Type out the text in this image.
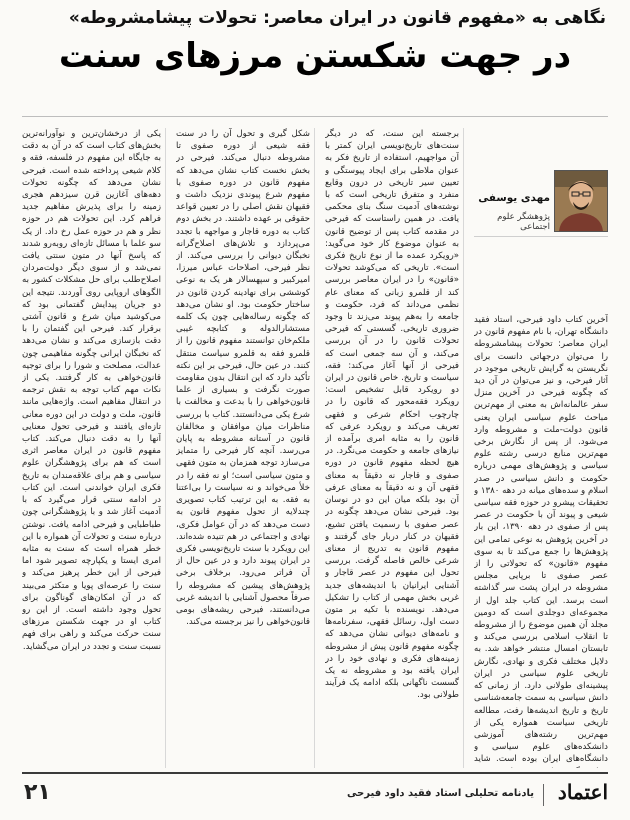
نگاهی به «مفهوم قانون در ایران معاصر: تحولات پیشامشروطه»
در جهت شکستن مرزهای سنت
مهدی یوسفی
پژوهشگر علوم اجتماعی

آخرین کتاب داود فیرحی، استاد فقید دانشگاه تهران، با نام مفهوم قانون در ایران معاصر: تحولات پیشامشروطه را می‌توان درجهاتی دانست برای نگریستن به گرایش تاریخی موجود در آثار فیرحی، و نیز می‌توان در آن دید که چگونه فیرحی در آخرین منزل سفر عالمانه‌اش به معنی از مهم‌ترین مباحث علوم سیاسی ایران یعنی قانون دولت-ملت و مشروطه وارد می‌شود. از پس از نگارش برخی مهم‌ترین منابع درسی رشته علوم سیاسی و پژوهش‌های مهمی درباره حکومت و دانش سیاسی در صدر اسلام و سده‌های میانه در دهه ۱۳۸۰ و تحقیقات پیشرو در حوزه فقه سیاسی شیعی و پیوند آن با حکومت در عصر پس از صفوی در دهه ۱۳۹۰، این بار در آخرین پژوهش به نوعی تمامی این پژوهش‌ها را جمع می‌کند تا به سوی مفهوم «قانون» که تحولاتی را از عصر صفوی تا برپایی مجلس مشروطه در ایران پشت سر گذاشته است برسد. این کتاب جلد اول از مجموعه‌ای دوجلدی است که دومین مجلد آن همین موضوع را از مشروطه تا انقلاب اسلامی بررسی می‌کند و تابستان امسال منتشر خواهد شد. به دلایل مختلف فکری و نهادی، نگارش تاریخی علوم سیاسی در ایران پیشینه‌ای طولانی دارد. از زمانی که دانش سیاسی به سمت جامعه‌شناسی تاریخ و تاریخ اندیشه‌ها رفت، مطالعه تاریخی سیاست همواره یکی از مهم‌ترین رشته‌های آموزشی دانشکده‌های علوم سیاسی و دانشگاه‌های ایران بوده است. شاید

برجسته این سنت، که در دیگر سنت‌های تاریخ‌نویسی ایران کمتر با آن مواجهیم، استفاده از تاریخ فکر به عنوان ملاطی برای ایجاد پیوستگی و تعیین سیر تاریخی در درون وقایع منفرد و متفرق تاریخی است که با نوشته‌های آدمیت سنگ بنای محکمی یافت. در همین راستاست که فیرحی در مقدمه کتاب پس از توضیح قانون به عنوان موضوع کار خود می‌گوید: «رویکرد عمده ما از نوع تاریخ فکری است». تاریخی که می‌کوشد تحولات «قانون» را در ایران معاصر بررسی کند از قلمرو زبانی که معنای عام نظمی می‌داند که فرد، حکومت و جامعه را به‌هم پیوند می‌زند تا وجود ضروری تاریخی. گسستی که فیرحی تحولات قانون را در آن بررسی می‌کند، و آن سه جمعی است که فیرحی از آنها آغاز می‌کند: فقه، سیاست و تاریخ. خاص قانون در ایران دو رویکرد قابل تشخیص است: رویکرد فقه‌محور که قانون را در چارچوب احکام شرعی و فقهی تعریف می‌کند و رویکرد عرفی که قانون را به مثابه امری برآمده از نیازهای جامعه و حکومت می‌نگرد. در هیچ لحظه مفهوم قانون در دوره صفوی و قاجار نه دقیقاً به معنای فقهی آن و نه دقیقاً به معنای عرفی آن بود بلکه میان این دو در نوسان بود. فیرحی نشان می‌دهد چگونه در عصر صفوی با رسمیت یافتن تشیع، فقیهان در کنار دربار جای گرفتند و مفهوم قانون به تدریج از معنای شرعی خالص فاصله گرفت. بررسی تحول این مفهوم در عصر قاجار و آشنایی ایرانیان با اندیشه‌های جدید غربی بخش مهمی از کتاب را تشکیل می‌دهد. نویسنده با تکیه بر متون دست اول، رسائل فقهی، سفرنامه‌ها و نامه‌های دیوانی نشان می‌دهد که چگونه مفهوم قانون پیش از مشروطه زمینه‌های فکری و نهادی خود را در ایران یافته بود و مشروطه نه یک گسست ناگهانی بلکه ادامه یک فرآیند طولانی بود.

شکل گیری و تحول آن را در سنت فقه شیعی از دوره صفوی تا مشروطه دنبال می‌کند. فیرحی در بخش نخست کتاب نشان می‌دهد که مفهوم قانون در دوره صفوی با مفهوم شرع پیوندی نزدیک داشت و فقیهان نقش اصلی را در تعیین قواعد حقوقی بر عهده داشتند. در بخش دوم کتاب به دوره قاجار و مواجهه با تجدد می‌پردازد و تلاش‌های اصلاح‌گرانه نخبگان دیوانی را بررسی می‌کند. از نظر فیرحی، اصلاحات عباس میرزا، امیرکبیر و سپهسالار هر یک به نوعی کوششی برای نهادینه کردن قانون در ساختار حکومت بود. او نشان می‌دهد که چگونه رساله‌هایی چون یک کلمه مستشارالدوله و کتابچه غیبی ملکم‌خان توانستند مفهوم قانون را از قلمرو فقه به قلمرو سیاست منتقل کنند. در عین حال، فیرحی بر این نکته تأکید دارد که این انتقال بدون مقاومت صورت نگرفت و بسیاری از علما قانون‌خواهی را با بدعت و مخالفت با شرع یکی می‌دانستند. کتاب با بررسی مناظرات میان موافقان و مخالفان قانون در آستانه مشروطه به پایان می‌رسد. آنچه کار فیرحی را متمایز می‌سازد توجه همزمان به متون فقهی و متون سیاسی است؛ او نه فقه را در خلأ می‌خواند و نه سیاست را بی‌اعتنا به فقه. به این ترتیب کتاب تصویری چندلایه از تحول مفهوم قانون به دست می‌دهد که در آن عوامل فکری، نهادی و اجتماعی در هم تنیده شده‌اند. این رویکرد با سنت تاریخ‌نویسی فکری در ایران پیوند دارد و در عین حال از آن فراتر می‌رود. برخلاف برخی پژوهش‌های پیشین که مشروطه را صرفاً محصول آشنایی با اندیشه غربی می‌دانستند، فیرحی ریشه‌های بومی قانون‌خواهی را نیز برجسته می‌کند.

یکی از درخشان‌ترین و نوآورانه‌ترین بخش‌های کتاب است که در آن به دقت به جایگاه این مفهوم در فلسفه، فقه و کلام شیعی پرداخته شده است. فیرحی نشان می‌دهد که چگونه تحولات دهه‌های آغازین قرن سیزدهم هجری زمینه را برای پذیرش مفاهیم جدید فراهم کرد. این تحولات هم در حوزه نظر و هم در حوزه عمل رخ داد. از یک سو علما با مسائل تازه‌ای روبه‌رو شدند که پاسخ آنها در متون سنتی یافت نمی‌شد و از سوی دیگر دولت‌مردان اصلاح‌طلب برای حل مشکلات کشور به الگوهای اروپایی روی آوردند. نتیجه این دو جریان پیدایش گفتمانی بود که می‌کوشید میان شرع و قانون آشتی برقرار کند. فیرحی این گفتمان را با دقت بازسازی می‌کند و نشان می‌دهد که نخبگان ایرانی چگونه مفاهیمی چون عدالت، مصلحت و شورا را برای توجیه قانون‌خواهی به کار گرفتند. یکی از نکات مهم کتاب توجه به نقش ترجمه در انتقال مفاهیم است. واژه‌هایی مانند قانون، ملت و دولت در این دوره معانی تازه‌ای یافتند و فیرحی تحول معنایی آنها را به دقت دنبال می‌کند. کتاب مفهوم قانون در ایران معاصر اثری است که هم برای پژوهشگران علوم سیاسی و هم برای علاقه‌مندان به تاریخ فکری ایران خواندنی است. این کتاب در ادامه سنتی قرار می‌گیرد که با آدمیت آغاز شد و با پژوهشگرانی چون طباطبایی و فیرحی ادامه یافت. نوشتن درباره سنت و تحولات آن همواره با این خطر همراه است که سنت به مثابه امری ایستا و یکپارچه تصویر شود اما فیرحی از این خطر پرهیز می‌کند و سنت را عرصه‌ای پویا و متکثر می‌بیند که در آن امکان‌های گوناگون برای تحول وجود داشته است. از این رو کتاب او در جهت شکستن مرزهای سنت حرکت می‌کند و راهی برای فهم نسبت سنت و تجدد در ایران می‌گشاید.

اعتماد
یادنامه تحلیلی استاد فقید داود فیرحی
۲۱
